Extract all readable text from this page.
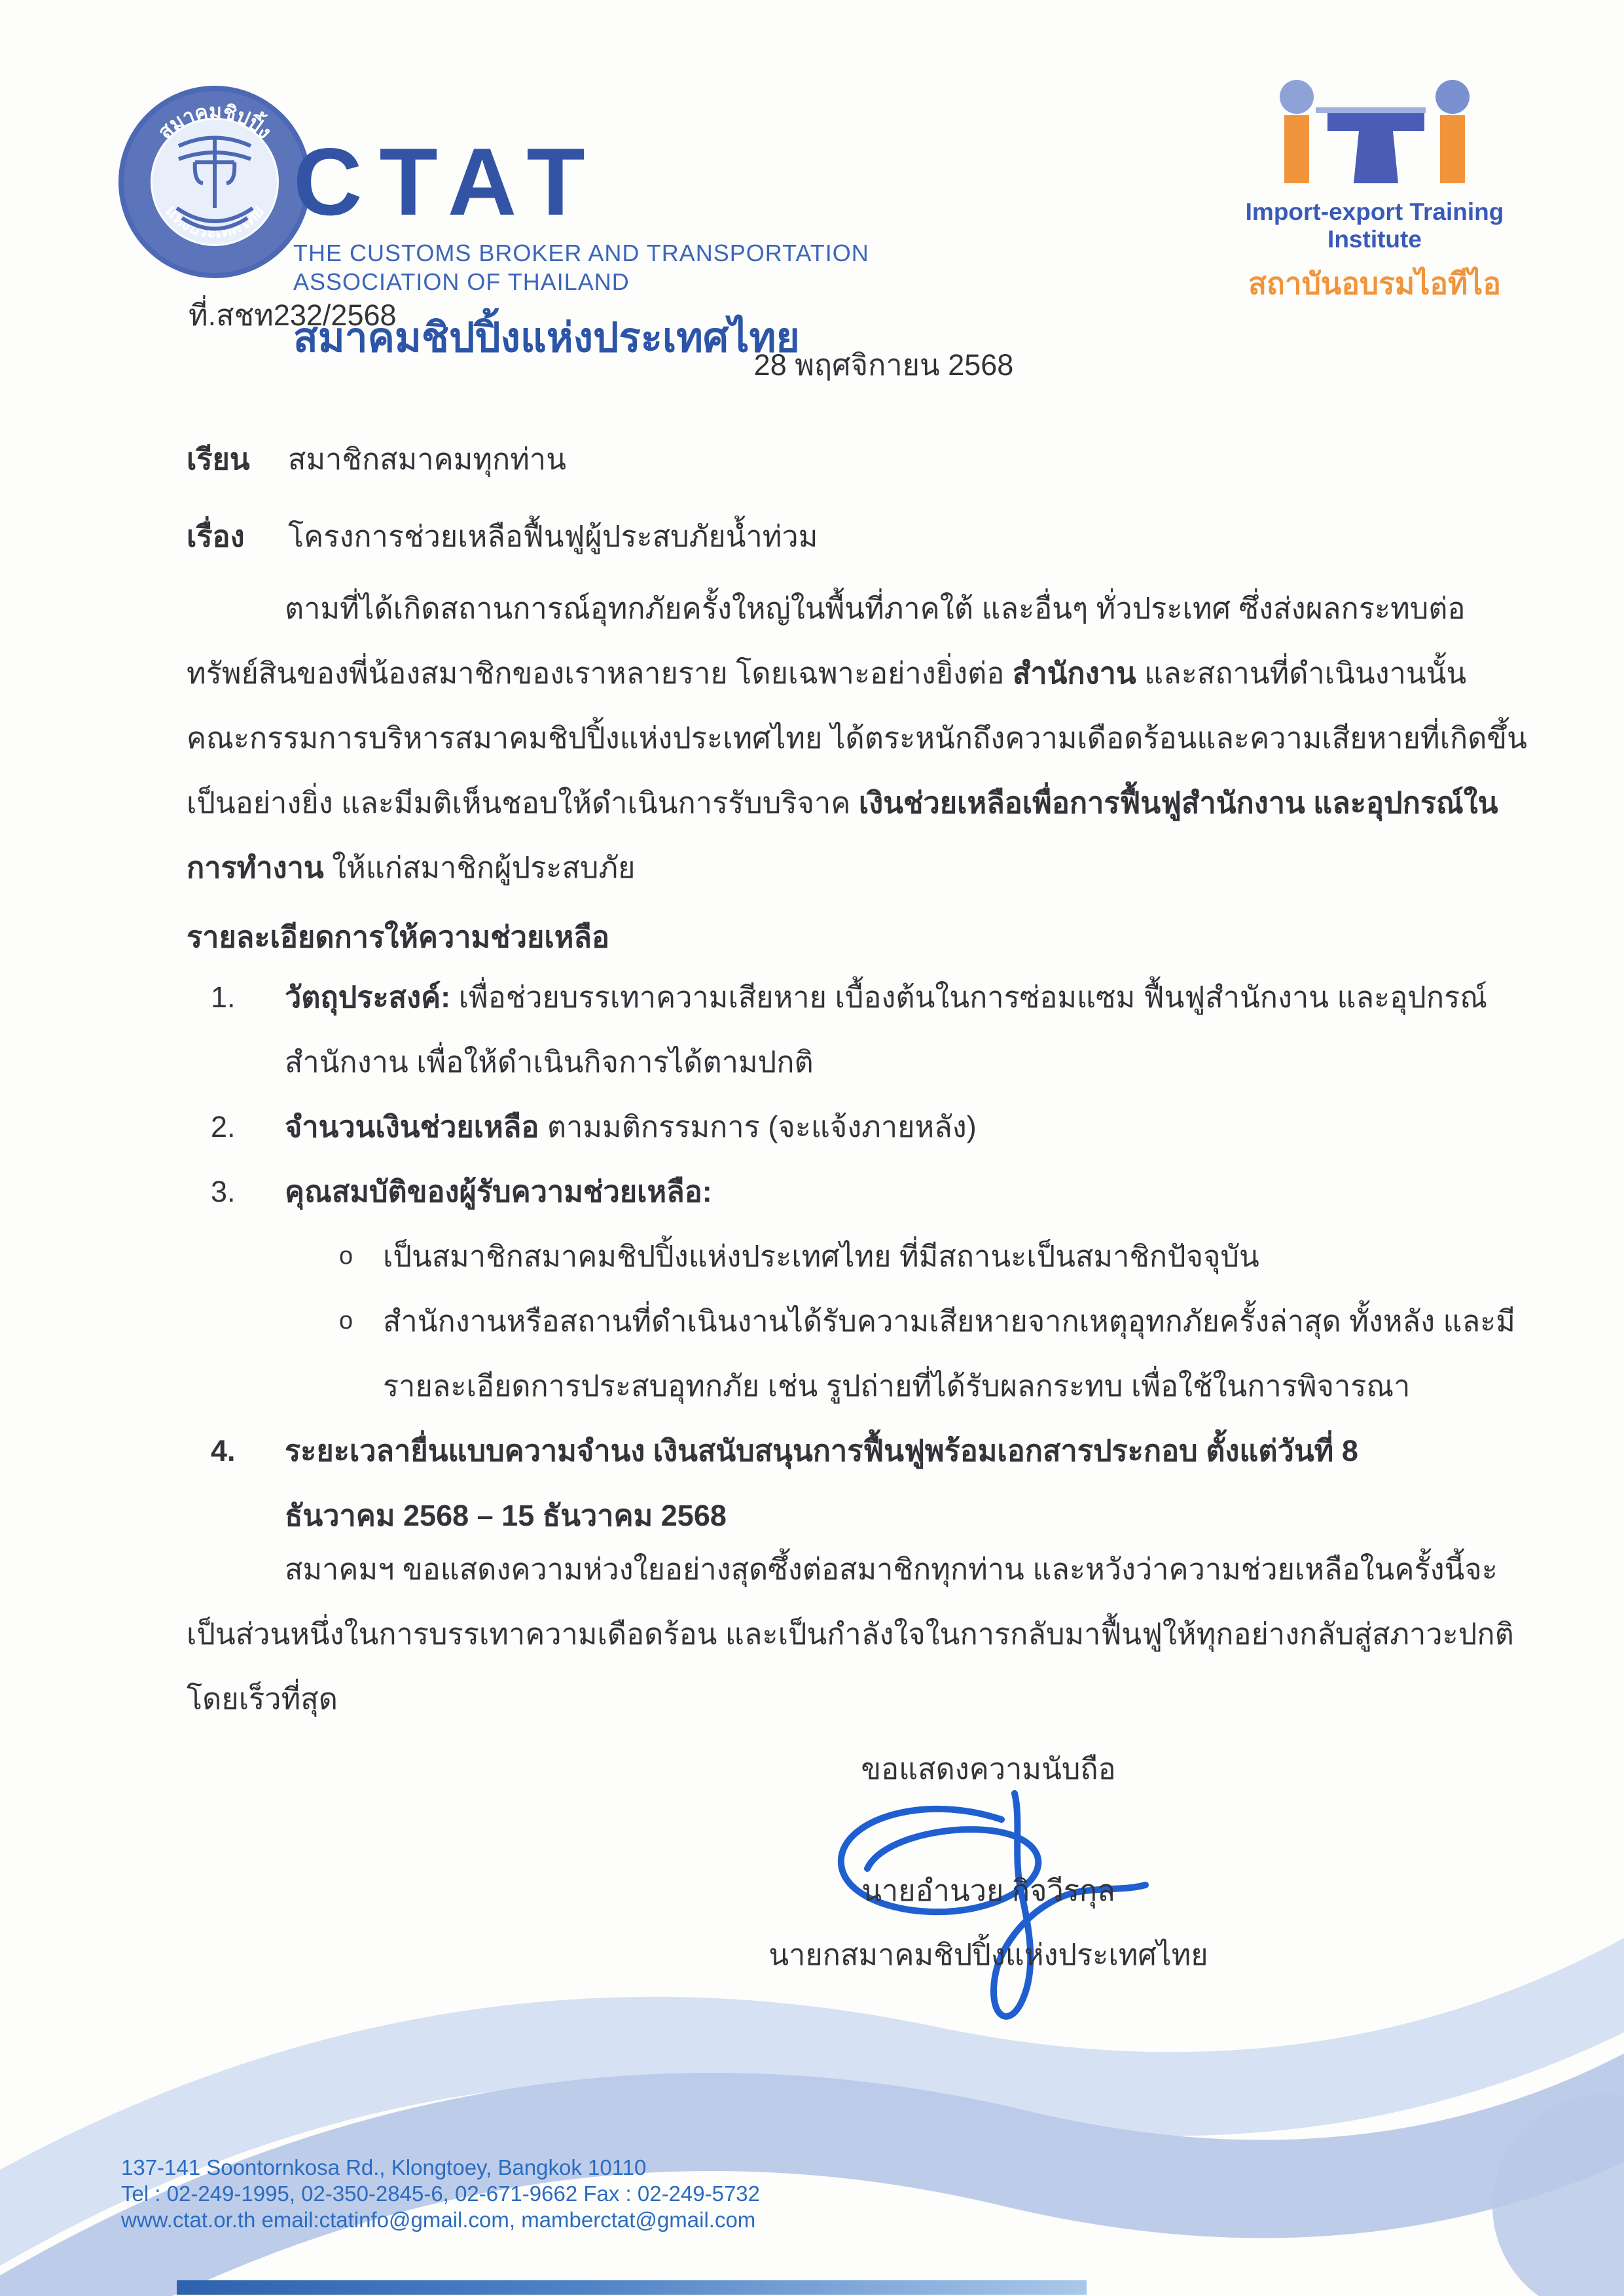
สมาคมชิปปิ้ง
แห่งประเทศไทย CTAT
THE CUSTOMS BROKER AND TRANSPORTATION
ASSOCIATION OF THAILAND
สมาคมชิปปิ้งแห่งประเทศไทย
Import-export Training Institute
สถาบันอบรมไอทีไอ
ที่.สชท232/2568
28 พฤศจิกายน 2568
เรียน สมาชิกสมาคมทุกท่าน
เรื่อง โครงการช่วยเหลือฟื้นฟูผู้ประสบภัยน้ำท่วม
ตามที่ได้เกิดสถานการณ์อุทกภัยครั้งใหญ่ในพื้นที่ภาคใต้ และอื่นๆ ทั่วประเทศ ซึ่งส่งผลกระทบต่อ
ทรัพย์สินของพี่น้องสมาชิกของเราหลายราย โดยเฉพาะอย่างยิ่งต่อ สำนักงาน และสถานที่ดำเนินงานนั้น
คณะกรรมการบริหารสมาคมชิปปิ้งแห่งประเทศไทย ได้ตระหนักถึงความเดือดร้อนและความเสียหายที่เกิดขึ้น
เป็นอย่างยิ่ง และมีมติเห็นชอบให้ดำเนินการรับบริจาค เงินช่วยเหลือเพื่อการฟื้นฟูสำนักงาน และอุปกรณ์ใน
การทำงาน ให้แก่สมาชิกผู้ประสบภัย
รายละเอียดการให้ความช่วยเหลือ
1. วัตถุประสงค์: เพื่อช่วยบรรเทาความเสียหาย เบื้องต้นในการซ่อมแซม ฟื้นฟูสำนักงาน และอุปกรณ์
สำนักงาน เพื่อให้ดำเนินกิจการได้ตามปกติ
2. จำนวนเงินช่วยเหลือ ตามมติกรรมการ (จะแจ้งภายหลัง)
3. คุณสมบัติของผู้รับความช่วยเหลือ:
o เป็นสมาชิกสมาคมชิปปิ้งแห่งประเทศไทย ที่มีสถานะเป็นสมาชิกปัจจุบัน
o สำนักงานหรือสถานที่ดำเนินงานได้รับความเสียหายจากเหตุอุทกภัยครั้งล่าสุด ทั้งหลัง และมี
รายละเอียดการประสบอุทกภัย เช่น รูปถ่ายที่ได้รับผลกระทบ เพื่อใช้ในการพิจารณา
4. ระยะเวลายื่นแบบความจำนง เงินสนับสนุนการฟื้นฟูพร้อมเอกสารประกอบ ตั้งแต่วันที่ 8
ธันวาคม 2568 – 15 ธันวาคม 2568
สมาคมฯ ขอแสดงความห่วงใยอย่างสุดซึ้งต่อสมาชิกทุกท่าน และหวังว่าความช่วยเหลือในครั้งนี้จะ
เป็นส่วนหนึ่งในการบรรเทาความเดือดร้อน และเป็นกำลังใจในการกลับมาฟื้นฟูให้ทุกอย่างกลับสู่สภาวะปกติ
โดยเร็วที่สุด
ขอแสดงความนับถือ
นายอำนวย กิจวีรกุล
นายกสมาคมชิปปิ้งแห่งประเทศไทย
137-141 Soontornkosa Rd., Klongtoey, Bangkok 10110
Tel : 02-249-1995, 02-350-2845-6, 02-671-9662 Fax : 02-249-5732
www.ctat.or.th email:ctatinfo@gmail.com, mamberctat@gmail.com
